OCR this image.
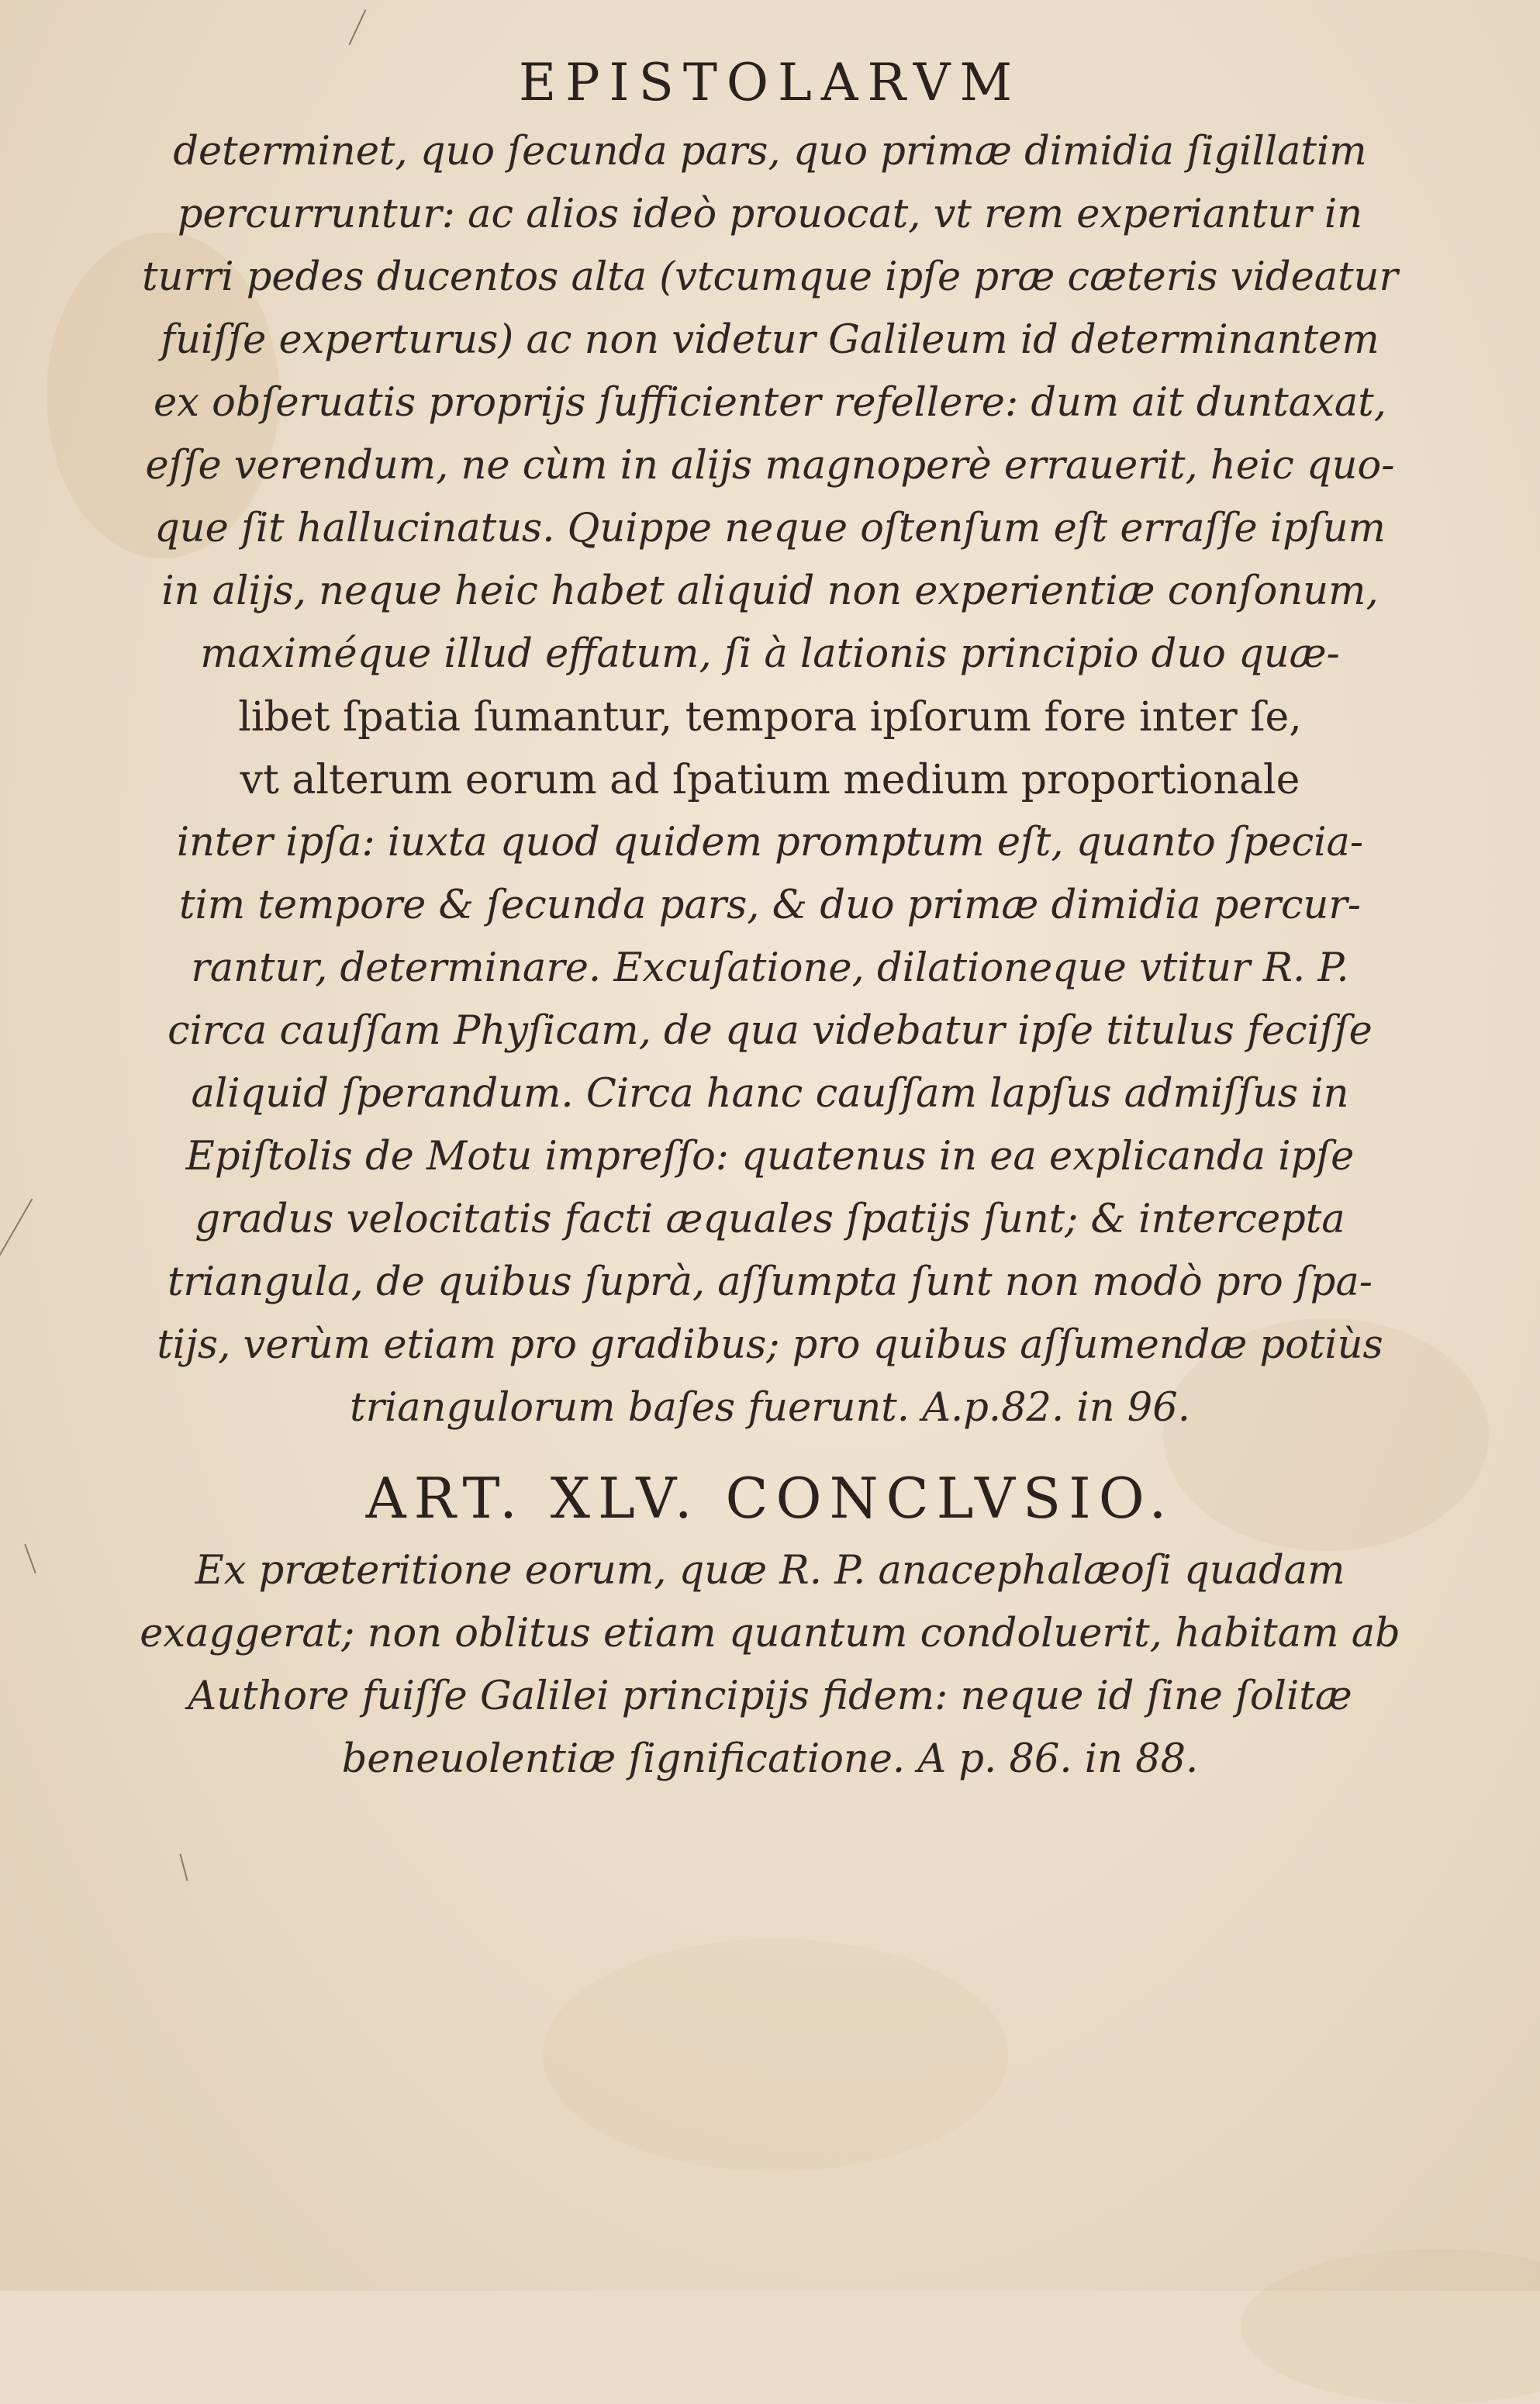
EPISTOLARVM
determinet, quo ſecunda pars, quo primæ dimidia ſigillatim
percurruntur: ac alios ideò prouocat, vt rem experiantur in
turri pedes ducentos alta (vtcumque ipſe præ cæteris videatur
fuiſſe experturus) ac non videtur Galileum id determinantem
ex obſeruatis proprijs ſufficienter refellere: dum ait duntaxat,
eſſe verendum, ne cùm in alijs magnoperè errauerit, heic quo-
que ſit hallucinatus. Quippe neque oſtenſum eſt erraſſe ipſum
in alijs, neque heic habet aliquid non experientiæ conſonum,
maximéque illud effatum, ſi à lationis principio duo quæ-
libet ſpatia ſumantur, tempora ipſorum fore inter ſe,
vt alterum eorum ad ſpatium medium proportionale
inter ipſa: iuxta quod quidem promptum eſt, quanto ſpecia-
tim tempore & ſecunda pars, & duo primæ dimidia percur-
rantur, determinare. Excuſatione, dilationeque vtitur R. P.
circa cauſſam Phyſicam, de qua videbatur ipſe titulus feciſſe
aliquid ſperandum. Circa hanc cauſſam lapſus admiſſus in
Epiſtolis de Motu impreſſo: quatenus in ea explicanda ipſe
gradus velocitatis facti æquales ſpatijs ſunt; & intercepta
triangula, de quibus ſuprà, aſſumpta ſunt non modò pro ſpa-
tijs, verùm etiam pro gradibus; pro quibus aſſumendæ potiùs
triangulorum baſes fuerunt. A.p.82. in 96.
ART. XLV. CONCLVSIO.
Ex præteritione eorum, quæ R. P. anacephalæoſi quadam
exaggerat; non oblitus etiam quantum condoluerit, habitam ab
Authore fuiſſe Galilei principijs fidem: neque id ſine ſolitæ
beneuolentiæ ſignificatione. A p. 86. in 88.
